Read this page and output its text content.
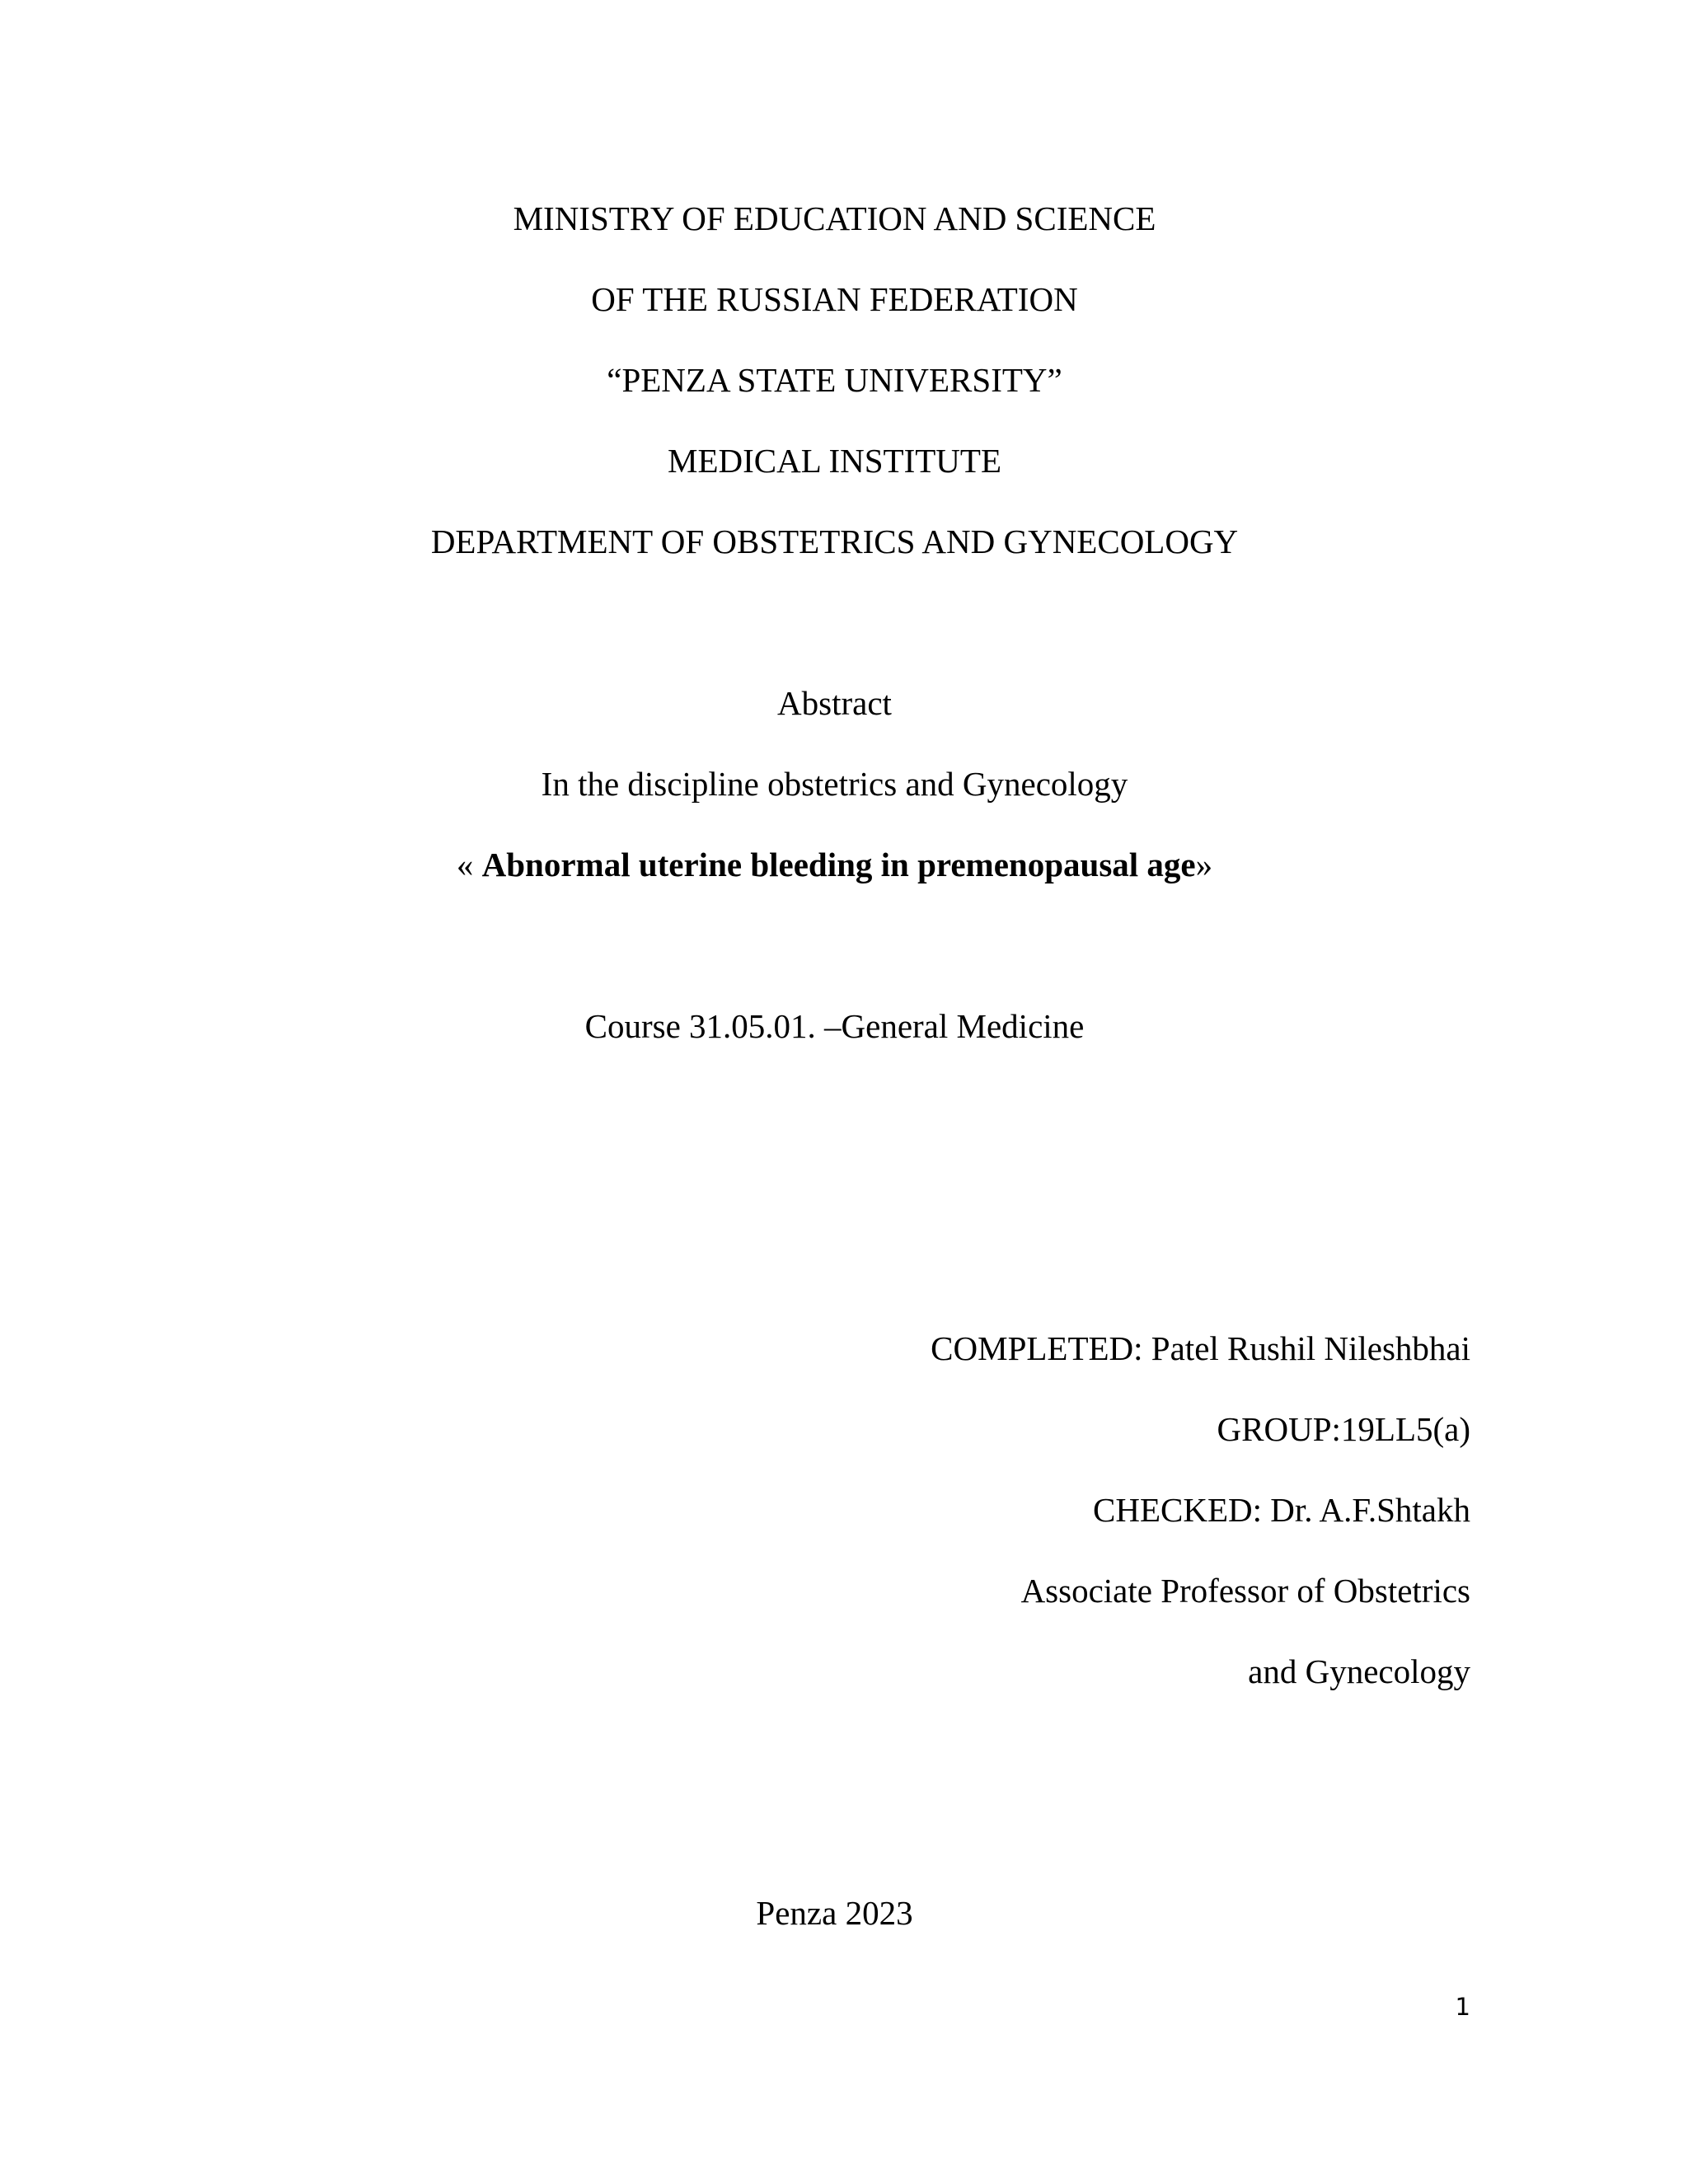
MINISTRY OF EDUCATION AND SCIENCE
OF THE RUSSIAN FEDERATION
“PENZA STATE UNIVERSITY”
MEDICAL INSTITUTE
DEPARTMENT OF OBSTETRICS AND GYNECOLOGY
Abstract
In the discipline obstetrics and Gynecology
« Abnormal uterine bleeding in premenopausal age»
Course 31.05.01. –General Medicine
COMPLETED: Patel Rushil Nileshbhai
GROUP:19LL5(a)
CHECKED: Dr. A.F.Shtakh
Associate Professor of Obstetrics
and Gynecology
Penza 2023
1
